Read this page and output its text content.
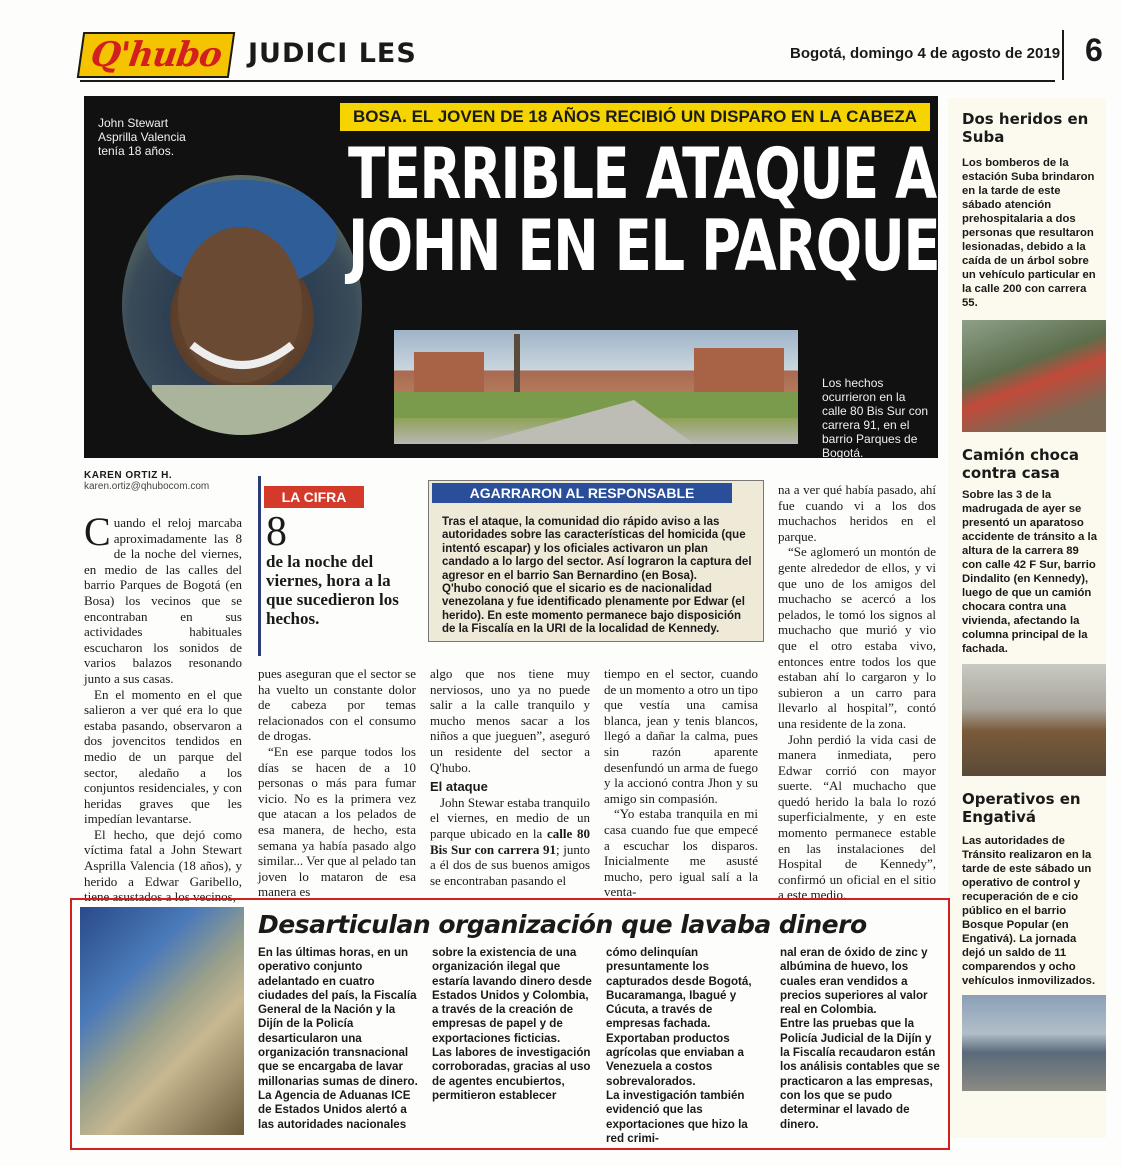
Q'hubo JUDICI LES	Bogotá, domingo 4 de agosto de 2019 6
John Stewart Asprilla Valencia tenía 18 años.
BOSA. EL JOVEN DE 18 AÑOS RECIBIÓ UN DISPARO EN LA CABEZA
TERRIBLE ATAQUE A
JOHN EN EL PARQUE
Los hechos ocurrieron en la calle 80 Bis Sur con carrera 91, en el barrio Parques de Bogotá.
KAREN ORTIZ H.
karen.ortiz@qhubocom.com

Cuando el reloj marcaba aproximadamente las 8 de la noche del viernes, en medio de las calles del barrio Parques de Bogotá (en Bosa) los vecinos que se encontraban en sus actividades habituales escucharon los sonidos de varios balazos resonando junto a sus casas.

En el momento en el que salieron a ver qué era lo que estaba pasando, observaron a dos jovencitos tendidos en medio de un parque del sector, aledaño a los conjuntos residenciales, y con heridas graves que les impedían levantarse.

El hecho, que dejó como víctima fatal a John Stewart Asprilla Valencia (18 años), y herido a Edwar Garibello, tiene asustados a los vecinos,

LA CIFRA
8
de la noche del viernes, hora a la que sucedieron los hechos.
AGARRARON AL RESPONSABLE

Tras el ataque, la comunidad dio rápido aviso a las autoridades sobre las características del homicida (que intentó escapar) y los oficiales activaron un plan candado a lo largo del sector. Así lograron la captura del agresor en el barrio San Bernardino (en Bosa).

Q'hubo conoció que el sicario es de nacionalidad venezolana y fue identificado plenamente por Edwar (el herido). En este momento permanece bajo disposición de la Fiscalía en la URI de la localidad de Kennedy.

pues aseguran que el sector se ha vuelto un constante dolor de cabeza por temas relacionados con el consumo de drogas.

“En ese parque todos los días se hacen de a 10 personas o más para fumar vicio. No es la primera vez que atacan a los pelados de esa manera, de hecho, esta semana ya había pasado algo similar... Ver que al pelado tan joven lo mataron de esa manera es

algo que nos tiene muy nerviosos, uno ya no puede salir a la calle tranquilo y mucho menos sacar a los niños a que jueguen”, aseguró un residente del sector a Q'hubo.

El ataque

John Stewar estaba tranquilo el viernes, en medio de un parque ubicado en la calle 80 Bis Sur con carrera 91; junto a él dos de sus buenos amigos se encontraban pasando el

tiempo en el sector, cuando de un momento a otro un tipo que vestía una camisa blanca, jean y tenis blancos, llegó a dañar la calma, pues sin razón aparente desenfundó un arma de fuego y la accionó contra Jhon y su amigo sin compasión.

“Yo estaba tranquila en mi casa cuando fue que empecé a escuchar los disparos. Inicialmente me asusté mucho, pero igual salí a la venta-

na a ver qué había pasado, ahí fue cuando vi a los dos muchachos heridos en el parque.

“Se aglomeró un montón de gente alrededor de ellos, y vi que uno de los amigos del muchacho se acercó a los pelados, le tomó los signos al muchacho que murió y vio que el otro estaba vivo, entonces entre todos los que estaban ahí lo cargaron y lo subieron a un carro para llevarlo al hospital”, contó una residente de la zona.

John perdió la vida casi de manera inmediata, pero Edwar corrió con mayor suerte. “Al muchacho que quedó herido la bala lo rozó superficialmente, y en este momento permanece estable en las instalaciones del Hospital de Kennedy”, confirmó un oficial en el sitio a este medio.

Dos heridos en Suba
Los bomberos de la estación Suba brindaron en la tarde de este sábado atención prehospitalaria a dos personas que resultaron lesionadas, debido a la caída de un árbol sobre un vehículo particular en la calle 200 con carrera 55.
Camión choca contra casa
Sobre las 3 de la madrugada de ayer se presentó un aparatoso accidente de tránsito a la altura de la carrera 89 con calle 42 F Sur, barrio Dindalito (en Kennedy), luego de que un camión chocara contra una vivienda, afectando la columna principal de la fachada.
Operativos en Engativá
Las autoridades de Tránsito realizaron en la tarde de este sábado un operativo de control y recuperación de e cio público en el barrio Bosque Popular (en Engativá). La jornada dejó un saldo de 11 comparendos y ocho vehículos inmovilizados.
Desarticulan organización que lavaba dinero

En las últimas horas, en un operativo conjunto adelantado en cuatro ciudades del país, la Fiscalía General de la Nación y la Dijín de la Policía desarticularon una organización transnacional que se encargaba de lavar millonarias sumas de dinero.

La Agencia de Aduanas ICE de Estados Unidos alertó a las autoridades nacionales

sobre la existencia de una organización ilegal que estaría lavando dinero desde Estados Unidos y Colombia, a través de la creación de empresas de papel y de exportaciones ficticias.

Las labores de investigación corroboradas, gracias al uso de agentes encubiertos, permitieron establecer

cómo delinquían presuntamente los capturados desde Bogotá, Bucaramanga, Ibagué y Cúcuta, a través de empresas fachada.

Exportaban productos agrícolas que enviaban a Venezuela a costos sobrevalorados.

La investigación también evidenció que las exportaciones que hizo la red crimi-

nal eran de óxido de zinc y albúmina de huevo, los cuales eran vendidos a precios superiores al valor real en Colombia.

Entre las pruebas que la Policía Judicial de la Dijín y la Fiscalía recaudaron están los análisis contables que se practicaron a las empresas, con los que se pudo determinar el lavado de dinero.
